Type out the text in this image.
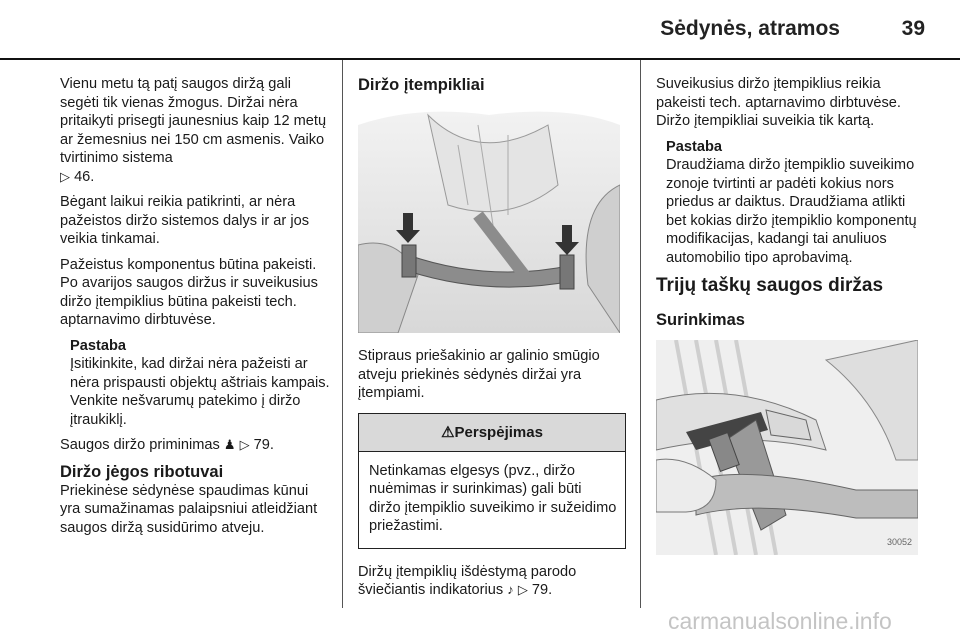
Sėdynės, atramos	39

Vienu metu tą patį saugos diržą gali segėti tik vienas žmogus. Diržai nėra pritaikyti prisegti jaunesnius kaip 12 metų ar žemesnius nei 150 cm asmenis. Vaiko tvirtinimo sistema
▷ 46.

Bėgant laikui reikia patikrinti, ar nėra pažeistos diržo sistemos dalys ir ar jos veikia tinkamai.

Pažeistus komponentus būtina pakeisti. Po avarijos saugos diržus ir suveikusius diržo įtempiklius būtina pakeisti tech. aptarnavimo dirbtuvėse.

Pastaba
Įsitikinkite, kad diržai nėra pažeisti ar nėra prispausti objektų aštriais kampais. Venkite nešvarumų patekimo į diržo įtraukiklį.

Saugos diržo priminimas ♟ ▷ 79.

Diržo jėgos ribotuvai

Priekinėse sėdynėse spaudimas kūnui yra sumažinamas palaipsniui atleidžiant saugos diržą susidūrimo atveju.

Diržo įtempikliai

Stipraus priešakinio ar galinio smūgio atveju priekinės sėdynės diržai yra įtempiami.

⚠Perspėjimas
Netinkamas elgesys (pvz., diržo nuėmimas ir surinkimas) gali būti diržo įtempiklio suveikimo ir sužeidimo priežastimi.

Diržų įtempiklių išdėstymą parodo šviečiantis indikatorius ♪ ▷ 79.

Suveikusius diržo įtempiklius reikia pakeisti tech. aptarnavimo dirbtuvėse. Diržo įtempikliai suveikia tik kartą.

Pastaba
Draudžiama diržo įtempiklio suveikimo zonoje tvirtinti ar padėti kokius nors priedus ar daiktus. Draudžiama atlikti bet kokias diržo įtempiklio komponentų modifikacijas, kadangi tai anuliuos automobilio tipo aprobavimą.
Trijų taškų saugos diržas
Surinkimas
30052
carmanualsonline.info
